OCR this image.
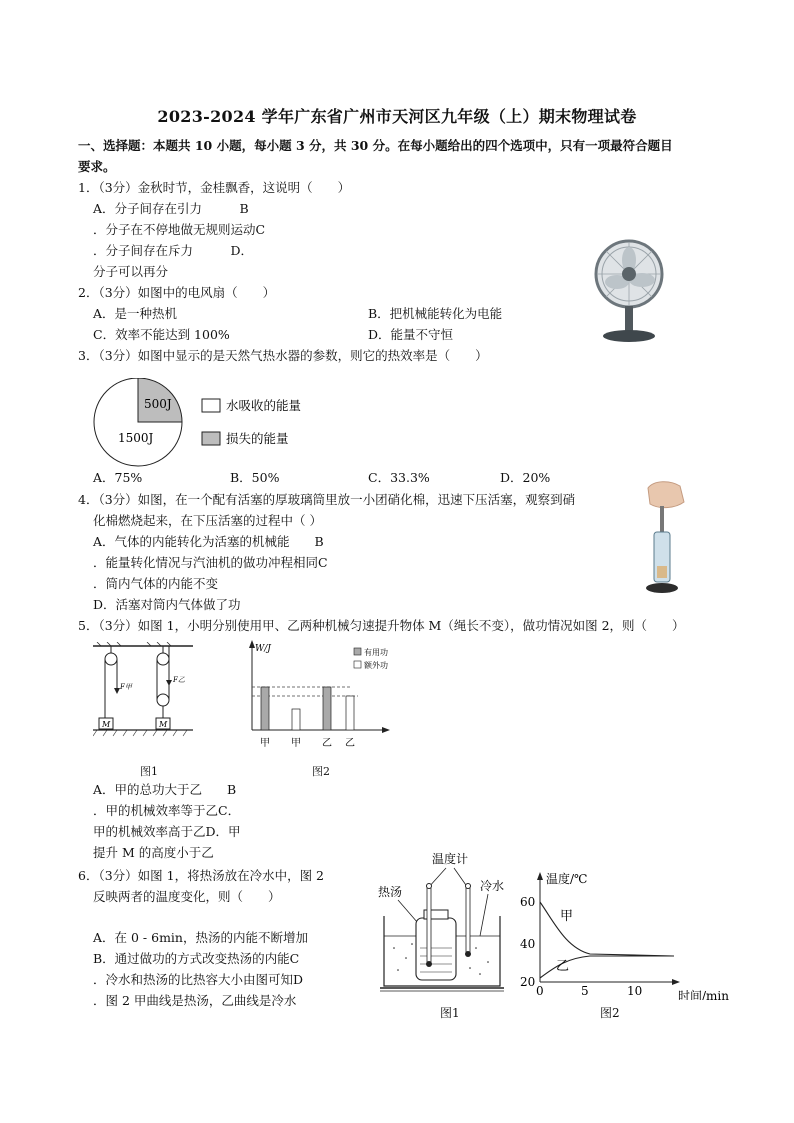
2023-2024 学年广东省广州市天河区九年级（上）期末物理试卷
一、选择题：本题共 10 小题，每小题 3 分，共 30 分。在每小题给出的四个选项中，只有一项最符合题目
要求。
1．（3分）金秋时节，金桂飘香，这说明（　　）
A．分子间存在引力　　　B
．分子在不停地做无规则运动C
．分子间存在斥力　　　D．
分子可以再分
2．（3分）如图中的电风扇（　　）
A．是一种热机	B．把机械能转化为电能
C．效率不能达到 100%	D．能量不守恒
3．（3分）如图中显示的是天然气热水器的参数，则它的热效率是（　　）
500J
1500J
水吸收的能量
损失的能量
A．75%	B．50%	C．33.3%	D．20%
4．（3分）如图，在一个配有活塞的厚玻璃筒里放一小团硝化棉，迅速下压活塞，观察到硝
化棉燃烧起来，在下压活塞的过程中（ ）
A．气体的内能转化为活塞的机械能　　B
．能量转化情况与汽油机的做功冲程相同C
．筒内气体的内能不变
D．活塞对筒内气体做了功
5．（3分）如图 1，小明分别使用甲、乙两种机械匀速提升物体 M（绳长不变），做功情况如图 2，则（　　）
M
F甲
M
F乙
图1
W/J	有用功
额外功
甲 甲 乙 乙
图2
A．甲的总功大于乙　　B
．甲的机械效率等于乙C．
甲的机械效率高于乙D．甲
提升 M 的高度小于乙
6．（3分）如图 1，将热汤放在冷水中，图 2
反映两者的温度变化，则（　　）
A．在 0 - 6min，热汤的内能不断增加
B．通过做功的方式改变热汤的内能C
．冷水和热汤的比热容大小由图可知D
．图 2 甲曲线是热汤，乙曲线是冷水
温度计
热汤	冷水
图1
温度/℃
时间/min
60
40
20
0	5	10
甲
乙
图2
